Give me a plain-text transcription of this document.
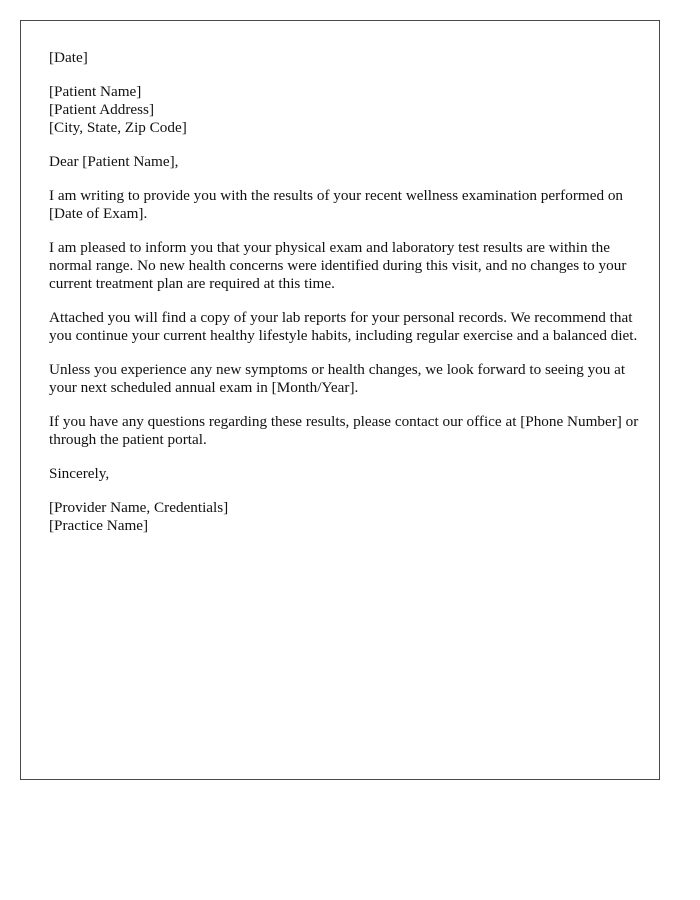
[Date]
[Patient Name]
[Patient Address]
[City, State, Zip Code]
Dear [Patient Name],

I am writing to provide you with the results of your recent wellness examination performed on [Date of Exam].

I am pleased to inform you that your physical exam and laboratory test results are within the normal range. No new health concerns were identified during this visit, and no changes to your current treatment plan are required at this time.

Attached you will find a copy of your lab reports for your personal records. We recommend that you continue your current healthy lifestyle habits, including regular exercise and a balanced diet.

Unless you experience any new symptoms or health changes, we look forward to seeing you at your next scheduled annual exam in [Month/Year].

If you have any questions regarding these results, please contact our office at [Phone Number] or through the patient portal.

Sincerely,
[Provider Name, Credentials]
[Practice Name]
